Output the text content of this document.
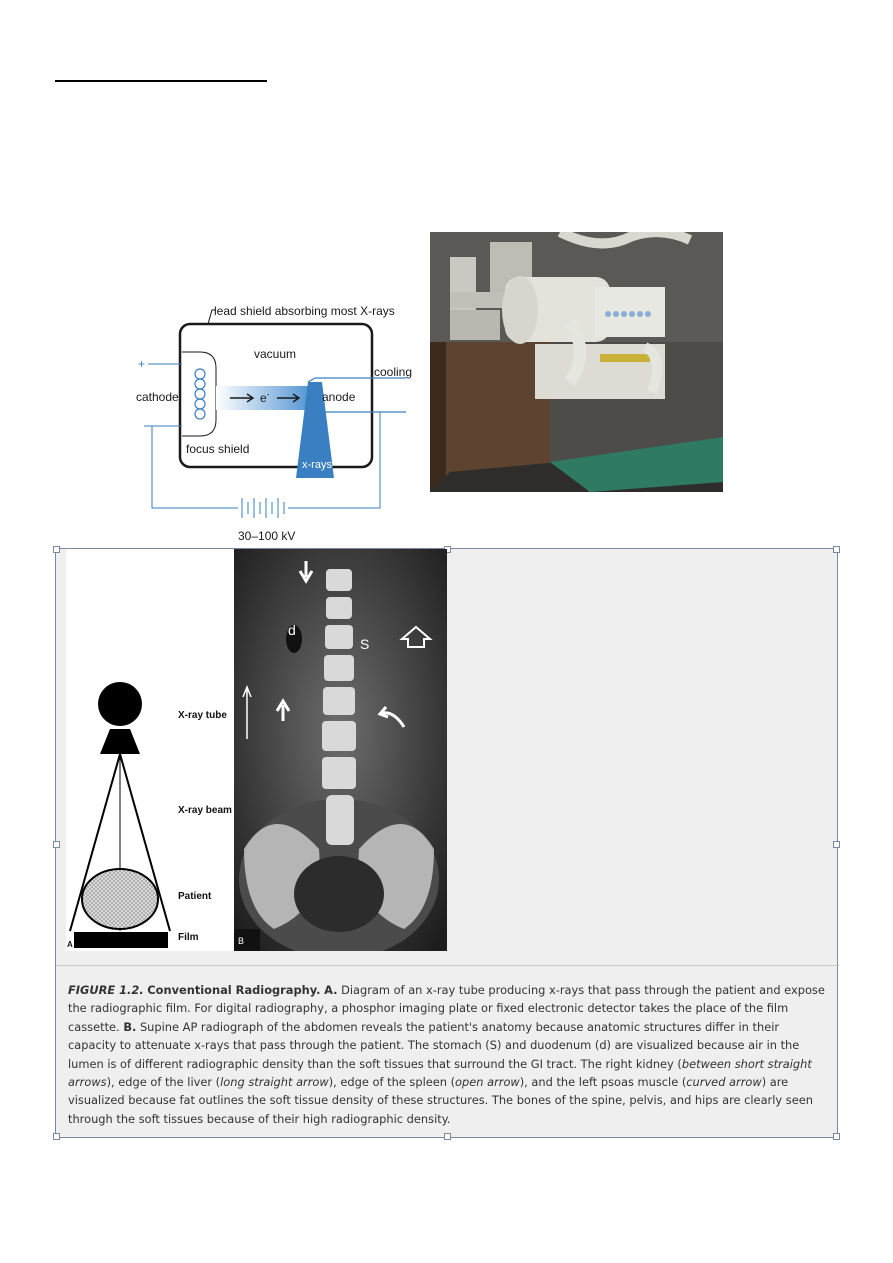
lead shield absorbing most X-rays
vacuum
e-
x-rays
cooling
anode
cathode
+
focus shield
30–100 kV
X-ray tube
X-ray beam
Patient
Film
A
d
S
B
FIGURE 1.2. Conventional Radiography. A. Diagram of an x-ray tube producing x-rays that pass through the patient and expose the radiographic film. For digital radiography, a phosphor imaging plate or fixed electronic detector takes the place of the film cassette. B. Supine AP radiograph of the abdomen reveals the patient's anatomy because anatomic structures differ in their capacity to attenuate x-rays that pass through the patient. The stomach (S) and duodenum (d) are visualized because air in the lumen is of different radiographic density than the soft tissues that surround the GI tract. The right kidney (between short straight arrows), edge of the liver (long straight arrow), edge of the spleen (open arrow), and the left psoas muscle (curved arrow) are visualized because fat outlines the soft tissue density of these structures. The bones of the spine, pelvis, and hips are clearly seen through the soft tissues because of their high radiographic density.
